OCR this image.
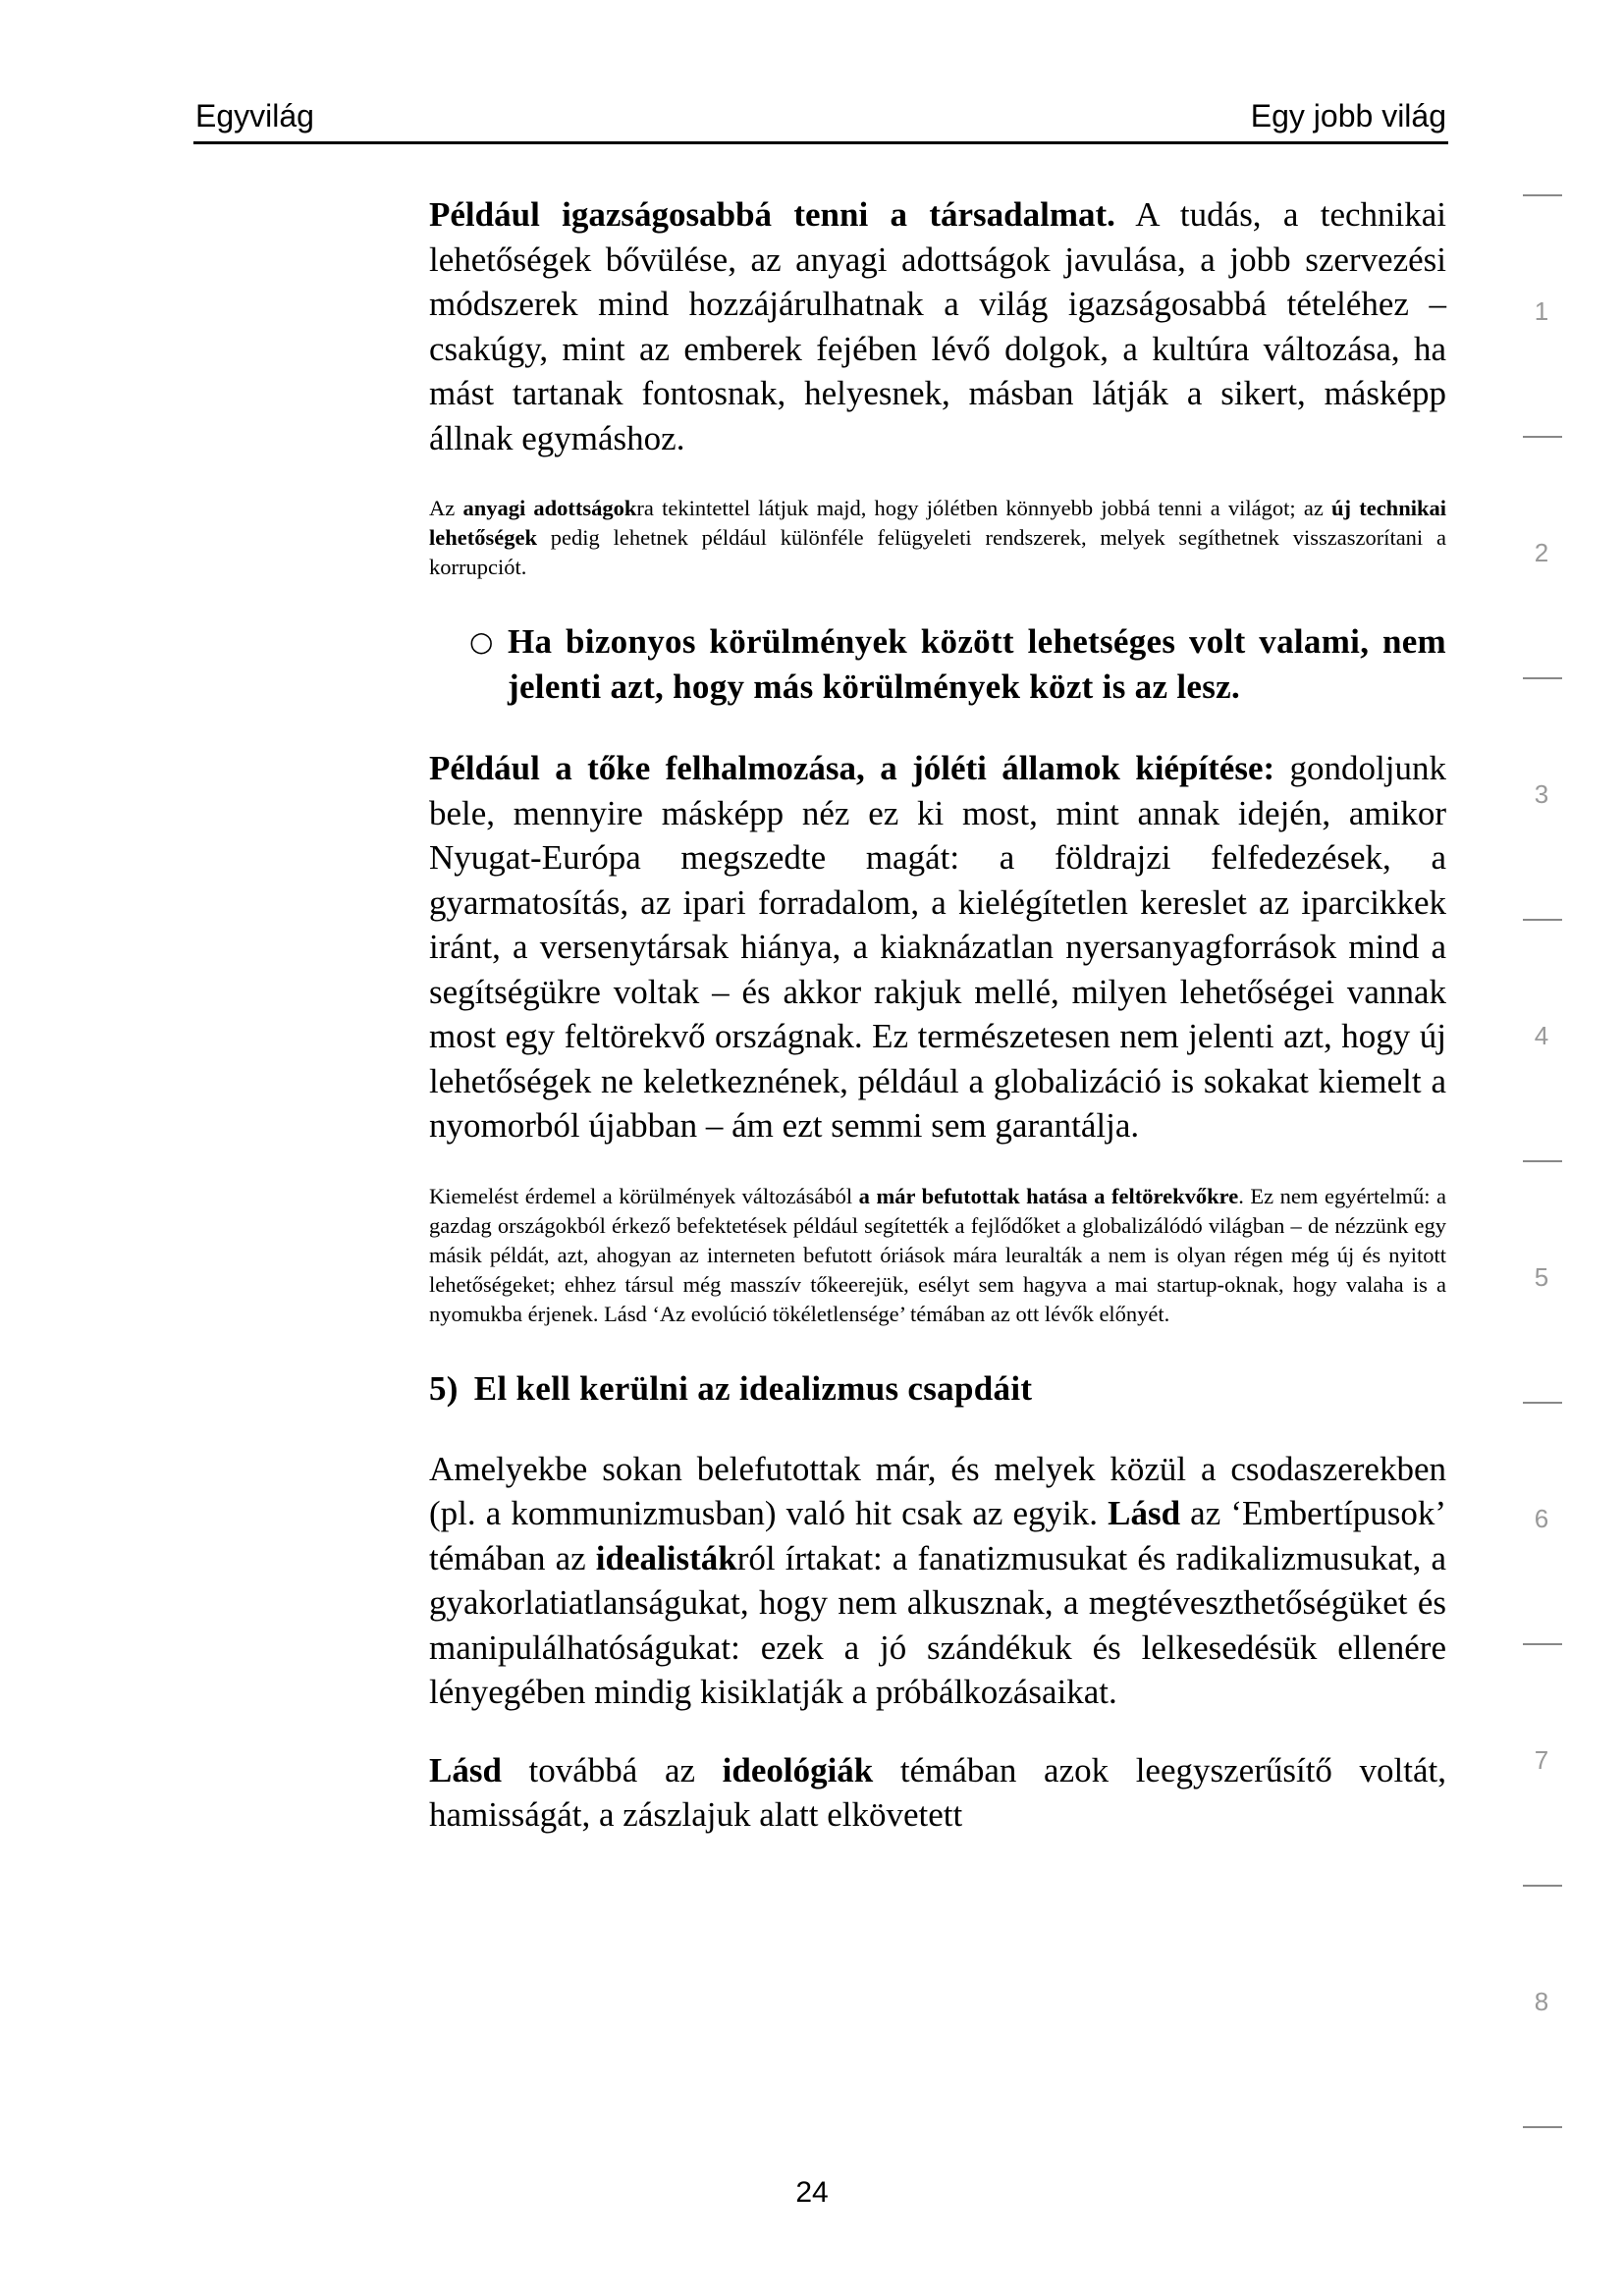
Egyvilág	Egy jobb világ

Például igazságosabbá tenni a társadalmat. A tudás, a technikai lehetőségek bővülése, az anyagi adottságok javulása, a jobb szervezési módszerek mind hozzájárulhatnak a világ igazságosabbá tételéhez – csakúgy, mint az emberek fejében lévő dolgok, a kultúra változása, ha mást tartanak fontosnak, helyesnek, másban látják a sikert, másképp állnak egymáshoz.

Az anyagi adottságokra tekintettel látjuk majd, hogy jólétben könnyebb jobbá tenni a világot; az új technikai lehetőségek pedig lehetnek például különféle felügyeleti rendszerek, melyek segíthetnek visszaszorítani a korrupciót.

○ Ha bizonyos körülmények között lehetséges volt valami, nem jelenti azt, hogy más körülmények közt is az lesz.

Például a tőke felhalmozása, a jóléti államok kiépítése: gondoljunk bele, mennyire másképp néz ez ki most, mint annak idején, amikor Nyugat-Európa megszedte magát: a földrajzi felfedezések, a gyarmatosítás, az ipari forradalom, a kielégítetlen kereslet az iparcikkek iránt, a versenytársak hiánya, a kiaknázatlan nyersanyagforrások mind a segítségükre voltak – és akkor rakjuk mellé, milyen lehetőségei vannak most egy feltörekvő országnak. Ez természetesen nem jelenti azt, hogy új lehetőségek ne keletkeznének, például a globalizáció is sokakat kiemelt a nyomorból újabban – ám ezt semmi sem garantálja.

Kiemelést érdemel a körülmények változásából a már befutottak hatása a feltörekvőkre. Ez nem egyértelmű: a gazdag országokból érkező befektetések például segítették a fejlődőket a globalizálódó világban – de nézzünk egy másik példát, azt, ahogyan az interneten befutott óriások mára leuralták a nem is olyan régen még új és nyitott lehetőségeket; ehhez társul még masszív tőkeerejük, esélyt sem hagyva a mai startup-oknak, hogy valaha is a nyomukba érjenek. Lásd ‘Az evolúció tökéletlensége’ témában az ott lévők előnyét.

5) El kell kerülni az idealizmus csapdáit

Amelyekbe sokan belefutottak már, és melyek közül a csodaszerekben (pl. a kommunizmusban) való hit csak az egyik. Lásd az ‘Embertípusok’ témában az idealistákról írtakat: a fanatizmusukat és radikalizmusukat, a gyakorlatiatlanságukat, hogy nem alkusznak, a megtéveszthetőségüket és manipulálhatóságukat: ezek a jó szándékuk és lelkesedésük ellenére lényegében mindig kisiklatják a próbálkozásaikat.

Lásd továbbá az ideológiák témában azok leegyszerűsítő voltát, hamisságát, a zászlajuk alatt elkövetett

1
2
3
4
5
6
7
8
24
